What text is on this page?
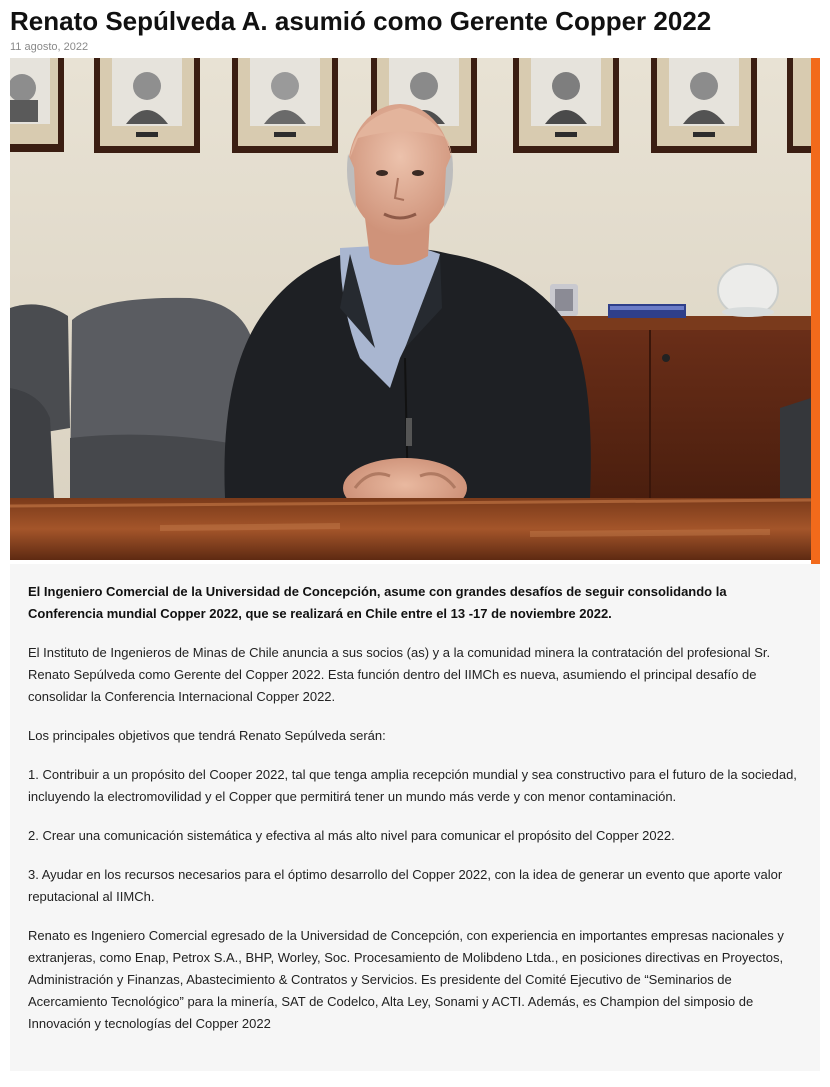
Renato Sepúlveda A. asumió como Gerente Copper 2022
11 agosto, 2022

El Ingeniero Comercial de la Universidad de Concepción, asume con grandes desafíos de seguir consolidando la Conferencia mundial Copper 2022, que se realizará en Chile entre el 13 -17 de noviembre 2022.

El Instituto de Ingenieros de Minas de Chile anuncia a sus socios (as) y a la comunidad minera la contratación del profesional Sr. Renato Sepúlveda como Gerente del Copper 2022. Esta función dentro del IIMCh es nueva, asumiendo el principal desafío de consolidar la Conferencia Internacional Copper 2022.

Los principales objetivos que tendrá Renato Sepúlveda serán:

1. Contribuir a un propósito del Cooper 2022, tal que tenga amplia recepción mundial y sea constructivo para el futuro de la sociedad, incluyendo la electromovilidad y el Copper que permitirá tener un mundo más verde y con menor contaminación.

2. Crear una comunicación sistemática y efectiva al más alto nivel para comunicar el propósito del Copper 2022.

3. Ayudar en los recursos necesarios para el óptimo desarrollo del Copper 2022, con la idea de generar un evento que aporte valor reputacional al IIMCh.

Renato es Ingeniero Comercial egresado de la Universidad de Concepción, con experiencia en importantes empresas nacionales y extranjeras, como Enap, Petrox S.A., BHP, Worley, Soc. Procesamiento de Molibdeno Ltda., en posiciones directivas en Proyectos, Administración y Finanzas, Abastecimiento & Contratos y Servicios. Es presidente del Comité Ejecutivo de “Seminarios de Acercamiento Tecnológico” para la minería, SAT de Codelco, Alta Ley, Sonami y ACTI. Además, es Champion del simposio de Innovación y tecnologías del Copper 2022
